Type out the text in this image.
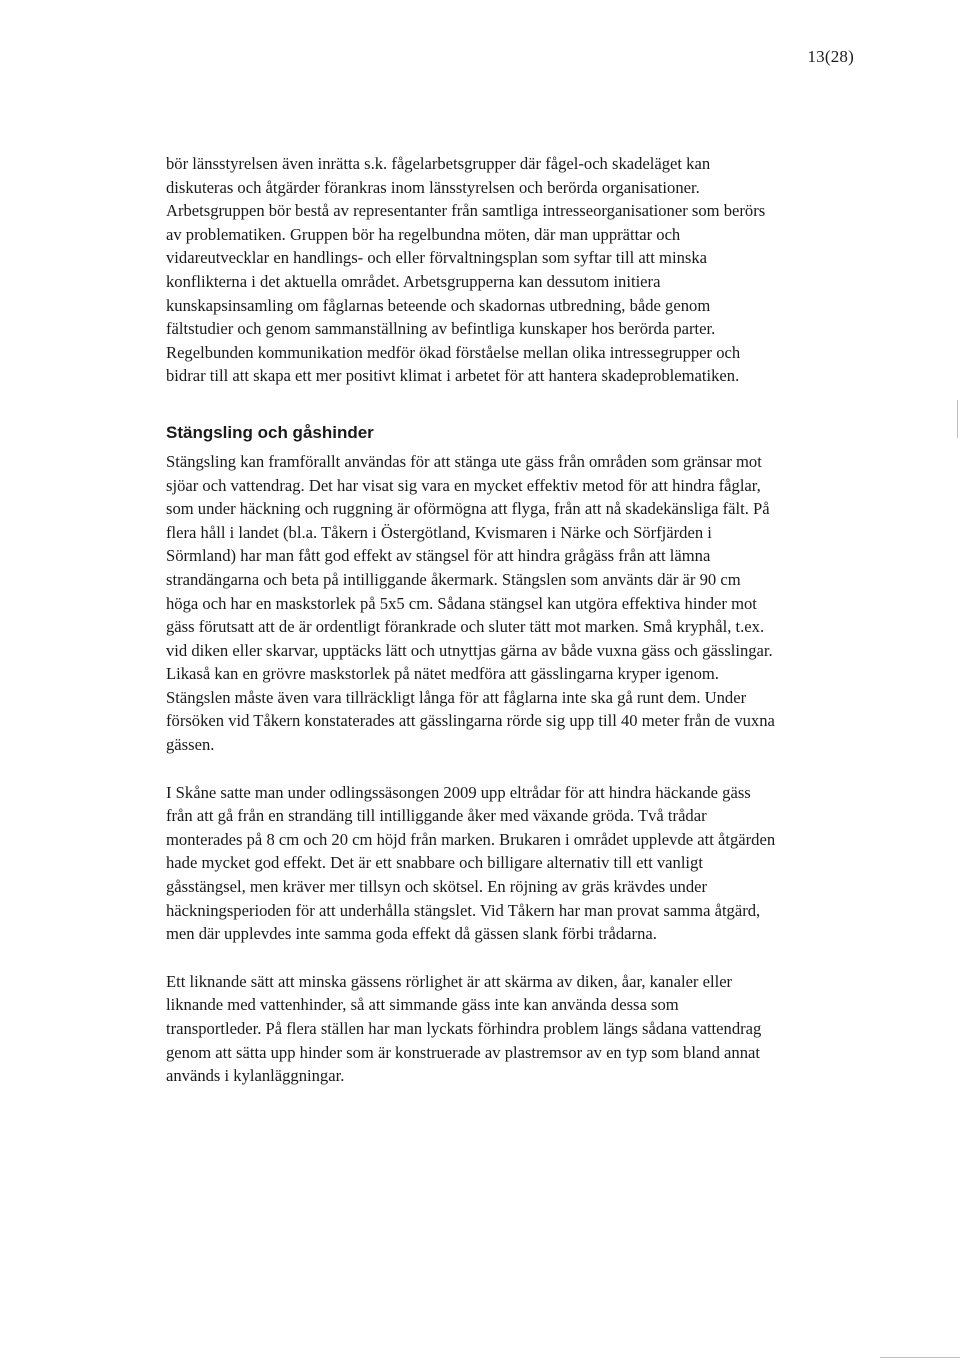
13(28)

bör länsstyrelsen även inrätta s.k. fågelarbetsgrupper där fågel-och skadeläget kan diskuteras och åtgärder förankras inom länsstyrelsen och berörda organisationer. Arbetsgruppen bör bestå av representanter från samtliga intresseorganisationer som berörs av problematiken. Gruppen bör ha regelbundna möten, där man upprättar och vidareutvecklar en handlings- och eller förvaltningsplan som syftar till att minska konflikterna i det aktuella området. Arbetsgrupperna kan dessutom initiera kunskapsinsamling om fåglarnas beteende och skadornas utbredning, både genom fältstudier och genom sammanställning av befintliga kunskaper hos berörda parter. Regelbunden kommunikation medför ökad förståelse mellan olika intressegrupper och bidrar till att skapa ett mer positivt klimat i arbetet för att hantera skadeproblematiken.

Stängsling och gåshinder

Stängsling kan framförallt användas för att stänga ute gäss från områden som gränsar mot sjöar och vattendrag. Det har visat sig vara en mycket effektiv metod för att hindra fåglar, som under häckning och ruggning är oförmögna att flyga, från att nå skadekänsliga fält. På flera håll i landet (bl.a. Tåkern i Östergötland, Kvismaren i Närke och Sörfjärden i Sörmland) har man fått god effekt av stängsel för att hindra grågäss från att lämna strandängarna och beta på intilliggande åkermark. Stängslen som använts där är 90 cm höga och har en maskstorlek på 5x5 cm. Sådana stängsel kan utgöra effektiva hinder mot gäss förutsatt att de är ordentligt förankrade och sluter tätt mot marken. Små kryphål, t.ex. vid diken eller skarvar, upptäcks lätt och utnyttjas gärna av både vuxna gäss och gässlingar. Likaså kan en grövre maskstorlek på nätet medföra att gässlingarna kryper igenom. Stängslen måste även vara tillräckligt långa för att fåglarna inte ska gå runt dem. Under försöken vid Tåkern konstaterades att gässlingarna rörde sig upp till 40 meter från de vuxna gässen.

I Skåne satte man under odlingssäsongen 2009 upp eltrådar för att hindra häckande gäss från att gå från en strandäng till intilliggande åker med växande gröda. Två trådar monterades på 8 cm och 20 cm höjd från marken. Brukaren i området upplevde att åtgärden hade mycket god effekt. Det är ett snabbare och billigare alternativ till ett vanligt gåsstängsel, men kräver mer tillsyn och skötsel. En röjning av gräs krävdes under häckningsperioden för att underhålla stängslet. Vid Tåkern har man provat samma åtgärd, men där upplevdes inte samma goda effekt då gässen slank förbi trådarna.

Ett liknande sätt att minska gässens rörlighet är att skärma av diken, åar, kanaler eller liknande med vattenhinder, så att simmande gäss inte kan använda dessa som transportleder. På flera ställen har man lyckats förhindra problem längs sådana vattendrag genom att sätta upp hinder som är konstruerade av plastremsor av en typ som bland annat används i kylanläggningar.
